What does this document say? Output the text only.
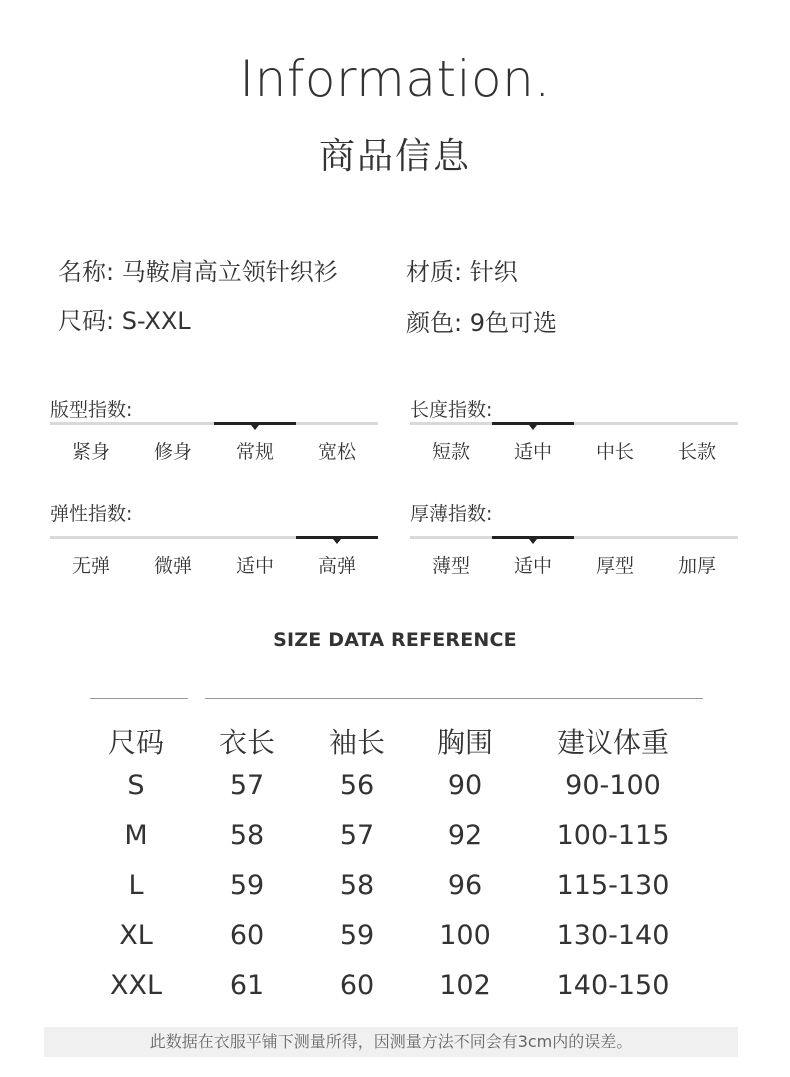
Information.
商品信息
名称: 马鞍肩高立领针织衫	材质: 针织
尺码: S-XXL	颜色: 9色可选
版型指数:
紧身	修身	常规	宽松
长度指数:
短款	适中	中长	长款
弹性指数:
无弹	微弹	适中	高弹
厚薄指数:
薄型	适中	厚型	加厚
SIZE DATA REFERENCE
尺码	衣长	袖长	胸围	建议体重
S	57	56	90	90-100
M	58	57	92	100-115
L	59	58	96	115-130
XL	60	59	100	130-140
XXL	61	60	102	140-150
此数据在衣服平铺下测量所得，因测量方法不同会有3cm内的误差。
